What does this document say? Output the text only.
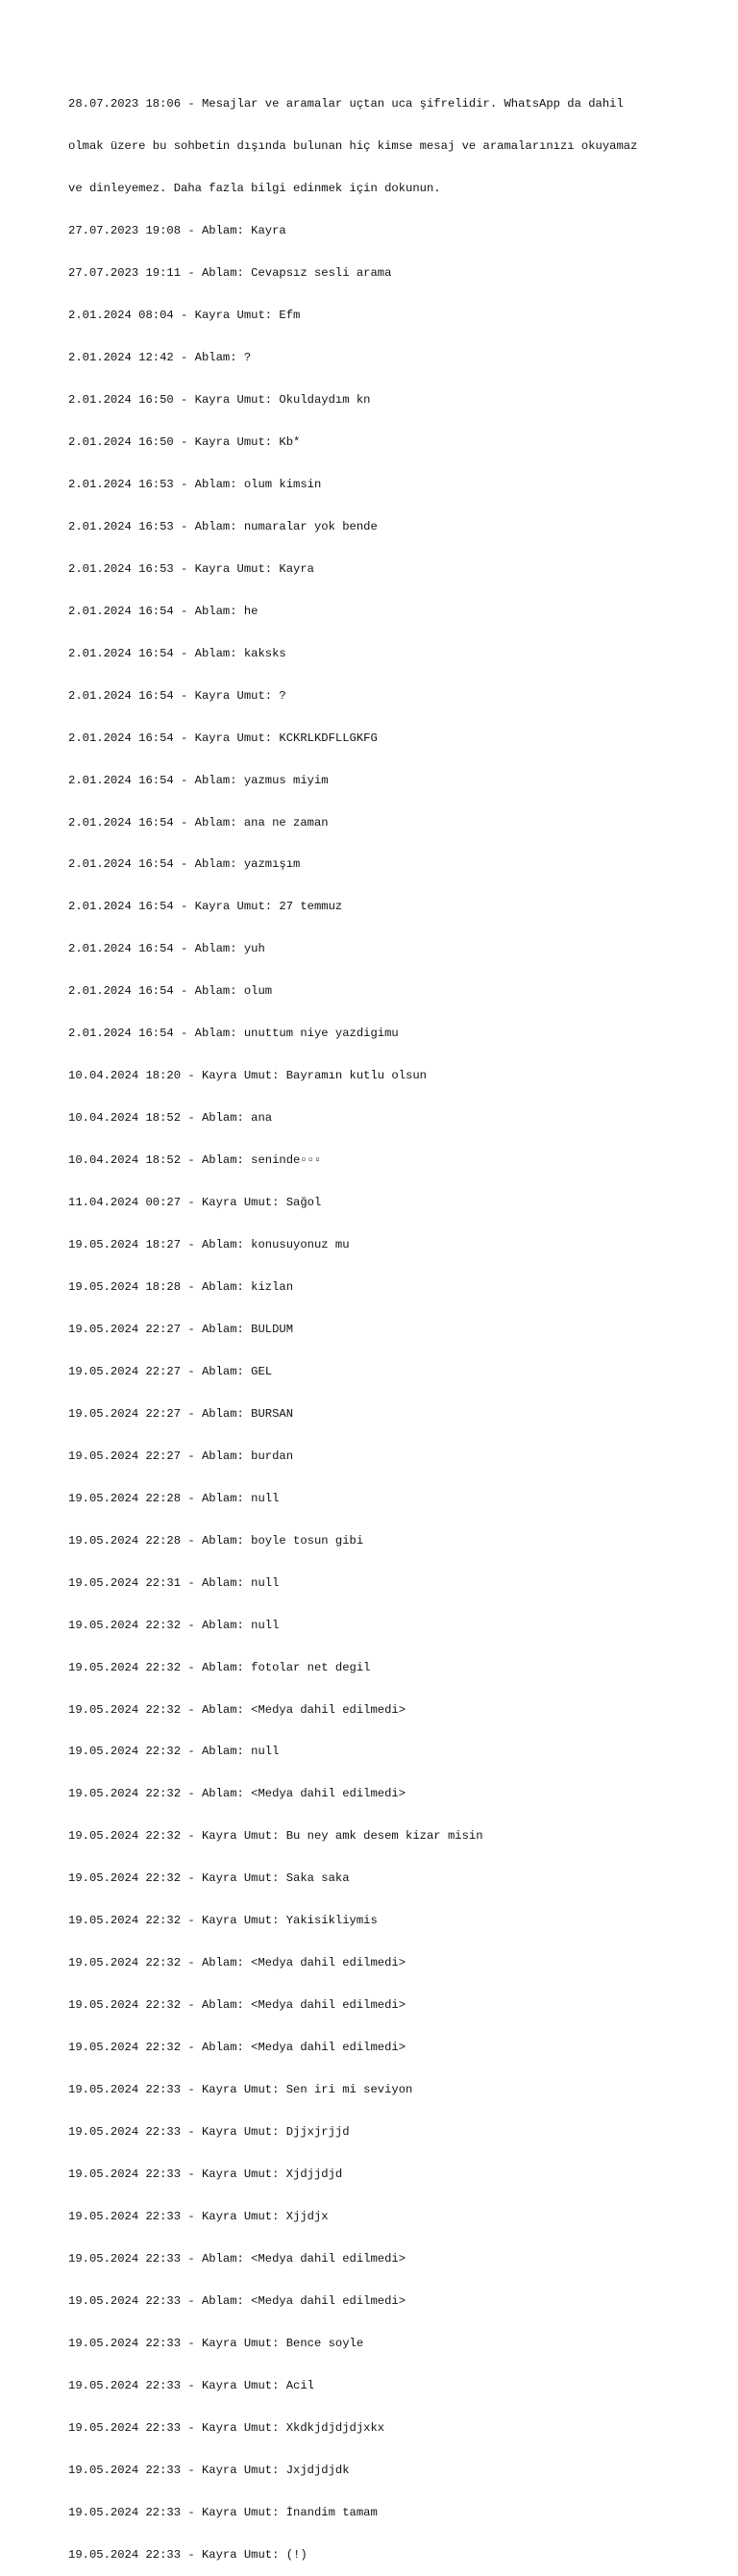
28.07.2023 18:06 - Mesajlar ve aramalar uçtan uca şifrelidir. WhatsApp da dahil

olmak üzere bu sohbetin dışında bulunan hiç kimse mesaj ve aramalarınızı okuyamaz

ve dinleyemez. Daha fazla bilgi edinmek için dokunun.

27.07.2023 19:08 - Ablam: Kayra

27.07.2023 19:11 - Ablam: Cevapsız sesli arama

2.01.2024 08:04 - Kayra Umut: Efm

2.01.2024 12:42 - Ablam: ?

2.01.2024 16:50 - Kayra Umut: Okuldaydım kn

2.01.2024 16:50 - Kayra Umut: Kb*

2.01.2024 16:53 - Ablam: olum kimsin

2.01.2024 16:53 - Ablam: numaralar yok bende

2.01.2024 16:53 - Kayra Umut: Kayra

2.01.2024 16:54 - Ablam: he

2.01.2024 16:54 - Ablam: kaksks

2.01.2024 16:54 - Kayra Umut: ?

2.01.2024 16:54 - Kayra Umut: KCKRLKDFLLGKFG

2.01.2024 16:54 - Ablam: yazmus miyim

2.01.2024 16:54 - Ablam: ana ne zaman

2.01.2024 16:54 - Ablam: yazmışım

2.01.2024 16:54 - Kayra Umut: 27 temmuz

2.01.2024 16:54 - Ablam: yuh

2.01.2024 16:54 - Ablam: olum

2.01.2024 16:54 - Ablam: unuttum niye yazdigimu

10.04.2024 18:20 - Kayra Umut: Bayramın kutlu olsun

10.04.2024 18:52 - Ablam: ana

10.04.2024 18:52 - Ablam: seninde▫▫▫

11.04.2024 00:27 - Kayra Umut: Sağol

19.05.2024 18:27 - Ablam: konusuyonuz mu

19.05.2024 18:28 - Ablam: kizlan

19.05.2024 22:27 - Ablam: BULDUM

19.05.2024 22:27 - Ablam: GEL

19.05.2024 22:27 - Ablam: BURSAN

19.05.2024 22:27 - Ablam: burdan

19.05.2024 22:28 - Ablam: null

19.05.2024 22:28 - Ablam: boyle tosun gibi

19.05.2024 22:31 - Ablam: null

19.05.2024 22:32 - Ablam: null

19.05.2024 22:32 - Ablam: fotolar net degil

19.05.2024 22:32 - Ablam: <Medya dahil edilmedi>

19.05.2024 22:32 - Ablam: null

19.05.2024 22:32 - Ablam: <Medya dahil edilmedi>

19.05.2024 22:32 - Kayra Umut: Bu ney amk desem kizar misin

19.05.2024 22:32 - Kayra Umut: Saka saka

19.05.2024 22:32 - Kayra Umut: Yakisikliymis

19.05.2024 22:32 - Ablam: <Medya dahil edilmedi>

19.05.2024 22:32 - Ablam: <Medya dahil edilmedi>

19.05.2024 22:32 - Ablam: <Medya dahil edilmedi>

19.05.2024 22:33 - Kayra Umut: Sen iri mi seviyon

19.05.2024 22:33 - Kayra Umut: Djjxjrjjd

19.05.2024 22:33 - Kayra Umut: Xjdjjdjd

19.05.2024 22:33 - Kayra Umut: Xjjdjx

19.05.2024 22:33 - Ablam: <Medya dahil edilmedi>

19.05.2024 22:33 - Ablam: <Medya dahil edilmedi>

19.05.2024 22:33 - Kayra Umut: Bence soyle

19.05.2024 22:33 - Kayra Umut: Acil

19.05.2024 22:33 - Kayra Umut: Xkdkjdjdjdjxkx

19.05.2024 22:33 - Kayra Umut: Jxjdjdjdk

19.05.2024 22:33 - Kayra Umut: İnandim tamam

19.05.2024 22:33 - Kayra Umut: (!)
